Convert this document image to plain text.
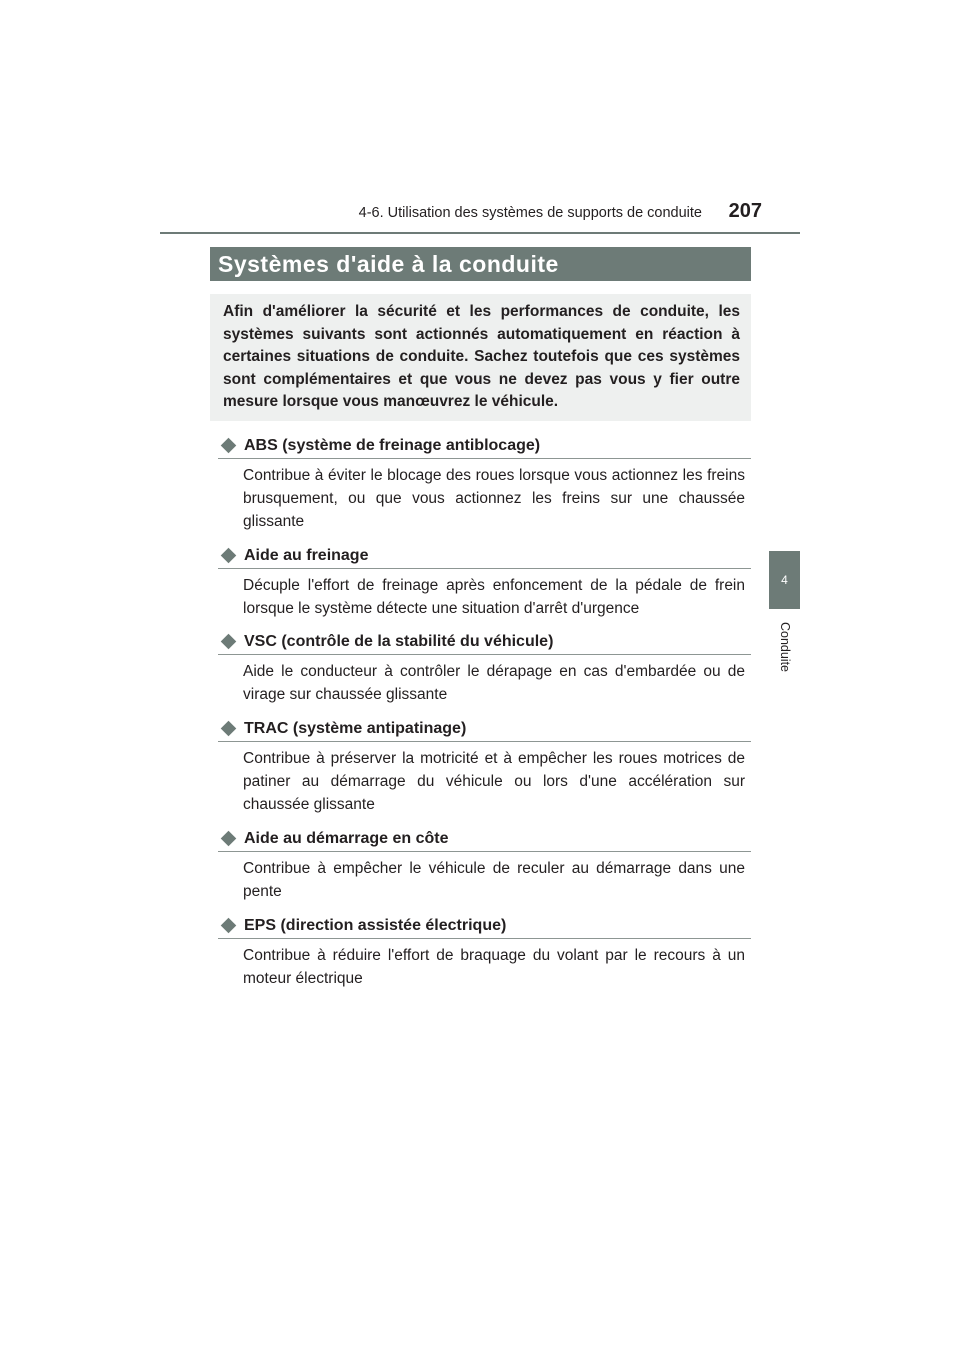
4-6. Utilisation des systèmes de supports de conduite	207
4
Conduite
Systèmes d'aide à la conduite
Afin d'améliorer la sécurité et les performances de conduite, les systèmes suivants sont actionnés automatiquement en réaction à certaines situations de conduite. Sachez toutefois que ces systèmes sont complémentaires et que vous ne devez pas vous y fier outre mesure lorsque vous manœuvrez le véhicule.
ABS (système de freinage antiblocage)
Contribue à éviter le blocage des roues lorsque vous actionnez les freins brusquement, ou que vous actionnez les freins sur une chaussée glissante
Aide au freinage
Décuple l'effort de freinage après enfoncement de la pédale de frein lorsque le système détecte une situation d'arrêt d'urgence
VSC (contrôle de la stabilité du véhicule)
Aide le conducteur à contrôler le dérapage en cas d'embardée ou de virage sur chaussée glissante
TRAC (système antipatinage)
Contribue à préserver la motricité et à empêcher les roues motrices de patiner au démarrage du véhicule ou lors d'une accélération sur chaussée glissante
Aide au démarrage en côte
Contribue à empêcher le véhicule de reculer au démarrage dans une pente
EPS (direction assistée électrique)
Contribue à réduire l'effort de braquage du volant par le recours à un moteur électrique
